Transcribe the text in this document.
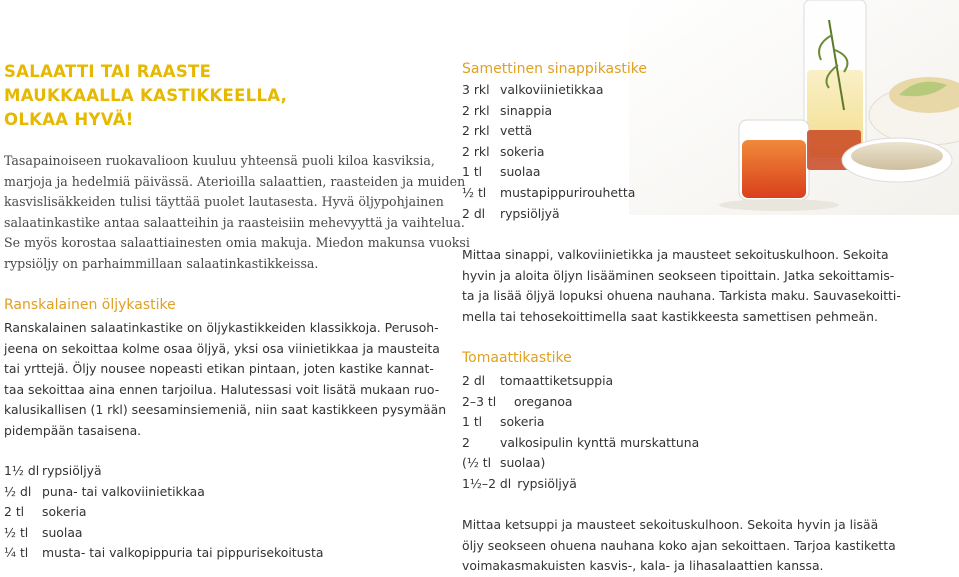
SALAATTI TAI RAASTE
MAUKKAALLA KASTIKKEELLA,
OLKAA HYVÄ!
Tasapainoiseen ruokavalioon kuuluu yhteensä puoli kiloa kasviksia,
marjoja ja hedelmiä päivässä. Aterioilla salaattien, raasteiden ja muiden
kasvislisäkkeiden tulisi täyttää puolet lautasesta. Hyvä öljypohjainen
salaatinkastike antaa salaatteihin ja raasteisiin mehevyyttä ja vaihtelua.
Se myös korostaa salaattiainesten omia makuja. Miedon makunsa vuoksi
rypsiöljy on parhaimmillaan salaatinkastikkeissa.
Ranskalainen öljykastike
Ranskalainen salaatinkastike on öljykastikkeiden klassikkoja. Perusoh-
jeena on sekoittaa kolme osaa öljyä, yksi osa viinietikkaa ja mausteita
tai yrttejä. Öljy nousee nopeasti etikan pintaan, joten kastike kannat-
taa sekoittaa aina ennen tarjoilua. Halutessasi voit lisätä mukaan ruo-
kalusikallisen (1 rkl) seesaminsiemeniä, niin saat kastikkeen pysymään
pidempään tasaisena.
1½ dl rypsiöljyä
½ dl puna- tai valkoviinietikkaa
2 tl	sokeria
½ tl	suolaa
¼ tl	musta- tai valkopippuria tai pippurisekoitusta
Samettinen sinappikastike
3 rkl valkoviinietikkaa
2 rkl sinappia
2 rkl vettä
2 rkl sokeria
1 tl	suolaa
½ tl	mustapippurirouhetta
2 dl	rypsiöljyä
Mittaa sinappi, valkoviinietikka ja mausteet sekoituskulhoon. Sekoita
hyvin ja aloita öljyn lisääminen seokseen tipoittain. Jatka sekoittamis-
ta ja lisää öljyä lopuksi ohuena nauhana. Tarkista maku. Sauvasekoitti-
mella tai tehosekoittimella saat kastikkeesta samettisen pehmeän.
Tomaattikastike
2 dl	tomaattiketsuppia
2–3 tl	oreganoa
1 tl	sokeria
2	valkosipulin kynttä murskattuna
(½ tl suolaa)
1½–2 dl rypsiöljyä
Mittaa ketsuppi ja mausteet sekoituskulhoon. Sekoita hyvin ja lisää
öljy seokseen ohuena nauhana koko ajan sekoittaen. Tarjoa kastiketta
voimakasmakuisten kasvis-, kala- ja lihasalaattien kanssa.
